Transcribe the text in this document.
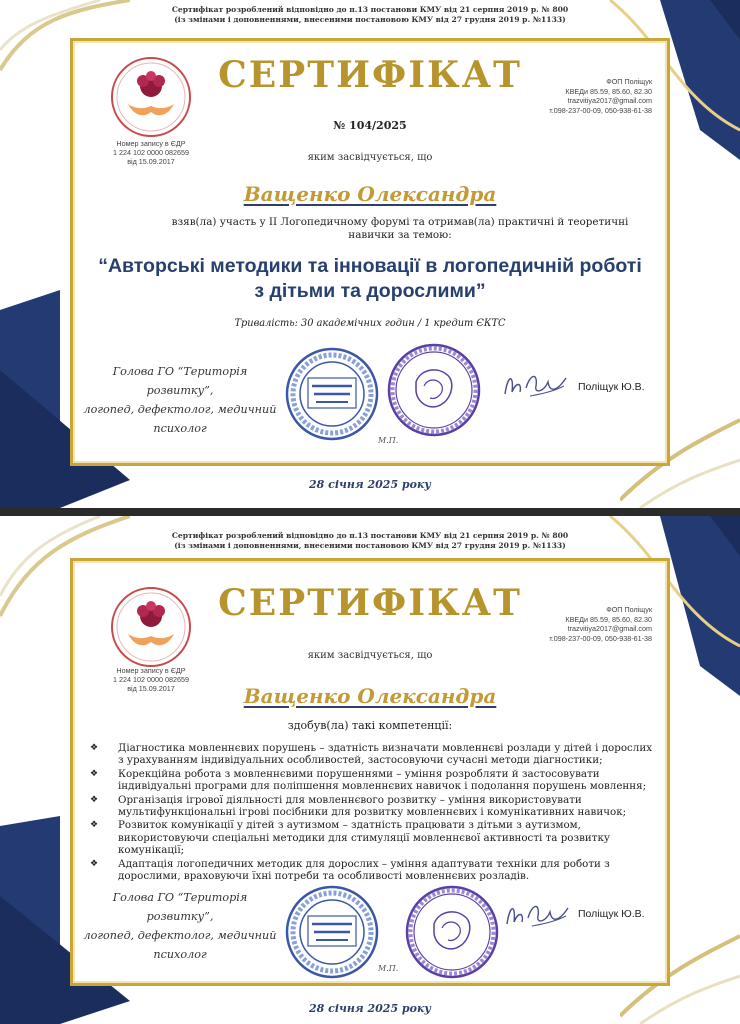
Сертифікат розроблений відповідно до п.13 постанови КМУ від 21 серпня 2019 р. № 800
(із змінами і доповненнями, внесеними постановою КМУ від 27 грудня 2019 р. №1133)
СЕРТИФІКАТ
Номер запису в ЄДР
1 224 102 0000 082659
від 15.09.2017
ФОП Поліщук
КВЕДи 85.59, 85.60, 82.30
trazvitiya2017@gmail.com
т.098-237-00-09, 050-938-61-38
№ 104/2025
яким засвідчується, що
Ващенко Олександра
взяв(ла) участь у ІІ Логопедичному форумі та отримав(ла) практичні й теоретичні навички за темою:
“Авторські методики та інновації в логопедичній роботі з дітьми та дорослими”
Тривалість: 30 академічних годин / 1 кредит ЄКТС
Голова ГО “Територія розвитку”,
логопед, дефектолог, медичний
психолог
Поліщук Ю.В.
М.П.
28 січня 2025 року
Сертифікат розроблений відповідно до п.13 постанови КМУ від 21 серпня 2019 р. № 800
(із змінами і доповненнями, внесеними постановою КМУ від 27 грудня 2019 р. №1133)
СЕРТИФІКАТ
Номер запису в ЄДР
1 224 102 0000 082659
від 15.09.2017
ФОП Поліщук
КВЕДи 85.59, 85.60, 82.30
trazvitiya2017@gmail.com
т.098-237-00-09, 050-938-61-38
яким засвідчується, що
Ващенко Олександра
здобув(ла) такі компетенції:
❖ Діагностика мовленнєвих порушень – здатність визначати мовленнєві розлади у дітей і дорослих з урахуванням індивідуальних особливостей, застосовуючи сучасні методи діагностики;
❖ Корекційна робота з мовленнєвими порушеннями – уміння розробляти й застосовувати індивідуальні програми для поліпшення мовленнєвих навичок і подолання порушень мовлення;
❖ Організація ігрової діяльності для мовленнєвого розвитку – уміння використовувати мультифункціональні ігрові посібники для розвитку мовленнєвих і комунікативних навичок;
❖ Розвиток комунікації у дітей з аутизмом – здатність працювати з дітьми з аутизмом, використовуючи спеціальні методики для стимуляції мовленнєвої активності та розвитку комунікації;
❖ Адаптація логопедичних методик для дорослих – уміння адаптувати техніки для роботи з дорослими, враховуючи їхні потреби та особливості мовленнєвих розладів.
Голова ГО “Територія розвитку”,
логопед, дефектолог, медичний
психолог
Поліщук Ю.В.
М.П.
28 січня 2025 року
